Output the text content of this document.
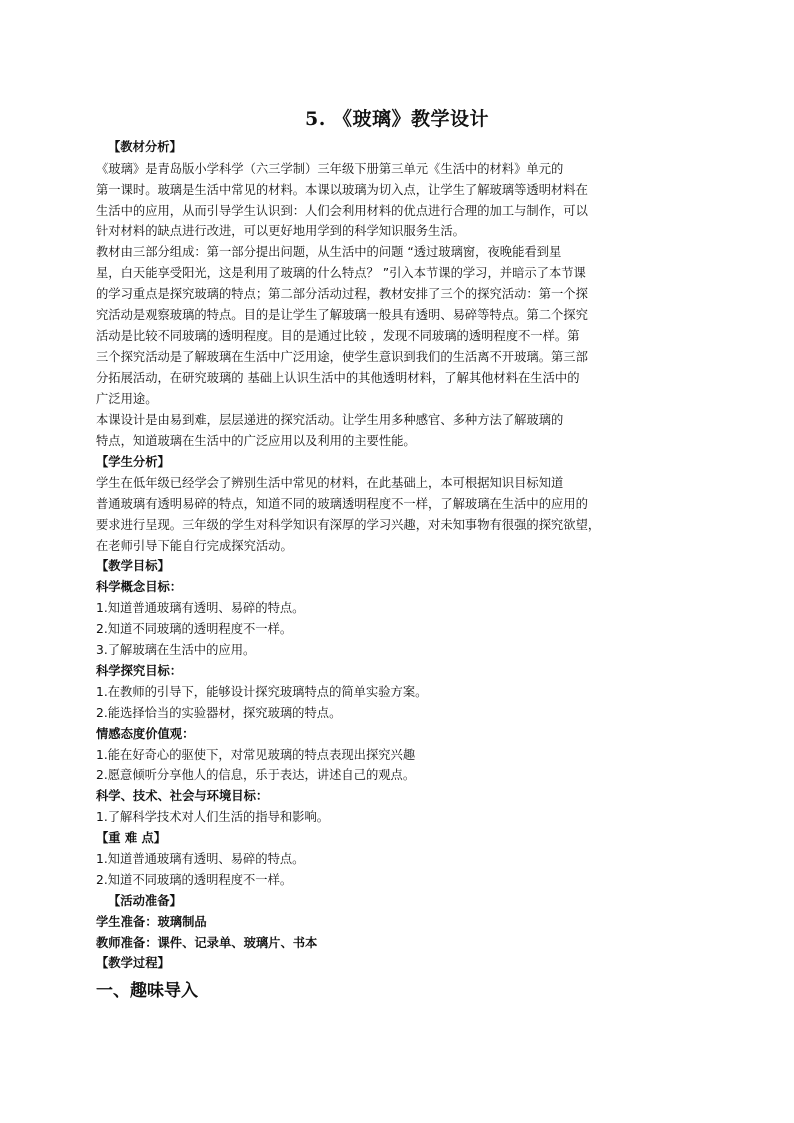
5. 《玻璃》教学设计
【教材分析】
《玻璃》是青岛版小学科学（六三学制）三年级下册第三单元《生活中的材料》单元的
第一课时。玻璃是生活中常见的材料。本课以玻璃为切入点，让学生了解玻璃等透明材料在
生活中的应用，从而引导学生认识到：人们会利用材料的优点进行合理的加工与制作，可以
针对材料的缺点进行改进，可以更好地用学到的科学知识服务生活。
教材由三部分组成：第一部分提出问题，从生活中的问题 “透过玻璃窗，夜晚能看到星
星，白天能享受阳光，这是利用了玻璃的什么特点？ ”引入本节课的学习，并暗示了本节课
的学习重点是探究玻璃的特点；第二部分活动过程，教材安排了三个的探究活动：第一个探
究活动是观察玻璃的特点。目的是让学生了解玻璃一般具有透明、易碎等特点。第二个探究
活动是比较不同玻璃的透明程度。目的是通过比较 ，发现不同玻璃的透明程度不一样。第
三个探究活动是了解玻璃在生活中广泛用途，使学生意识到我们的生活离不开玻璃。第三部
分拓展活动，在研究玻璃的 基础上认识生活中的其他透明材料，了解其他材料在生活中的
广泛用途。
本课设计是由易到难，层层递进的探究活动。让学生用多种感官、多种方法了解玻璃的
特点，知道玻璃在生活中的广泛应用以及利用的主要性能。
【学生分析】
学生在低年级已经学会了辨别生活中常见的材料，在此基础上，本可根据知识目标知道
普通玻璃有透明易碎的特点，知道不同的玻璃透明程度不一样，了解玻璃在生活中的应用的
要求进行呈现。三年级的学生对科学知识有深厚的学习兴趣，对未知事物有很强的探究欲望，
在老师引导下能自行完成探究活动。
【教学目标】
科学概念目标：
1.知道普通玻璃有透明、易碎的特点。
2.知道不同玻璃的透明程度不一样。
3.了解玻璃在生活中的应用。
科学探究目标：
1.在教师的引导下，能够设计探究玻璃特点的简单实验方案。
2.能选择恰当的实验器材，探究玻璃的特点。
情感态度价值观：
1.能在好奇心的驱使下，对常见玻璃的特点表现出探究兴趣
2.愿意倾听分享他人的信息，乐于表达，讲述自己的观点。
科学、技术、社会与环境目标：
1.了解科学技术对人们生活的指导和影响。
【重 难 点】
1.知道普通玻璃有透明、易碎的特点。
2.知道不同玻璃的透明程度不一样。
【活动准备】
学生准备：玻璃制品
教师准备：课件、记录单、玻璃片、书本
【教学过程】
一、趣味导入
